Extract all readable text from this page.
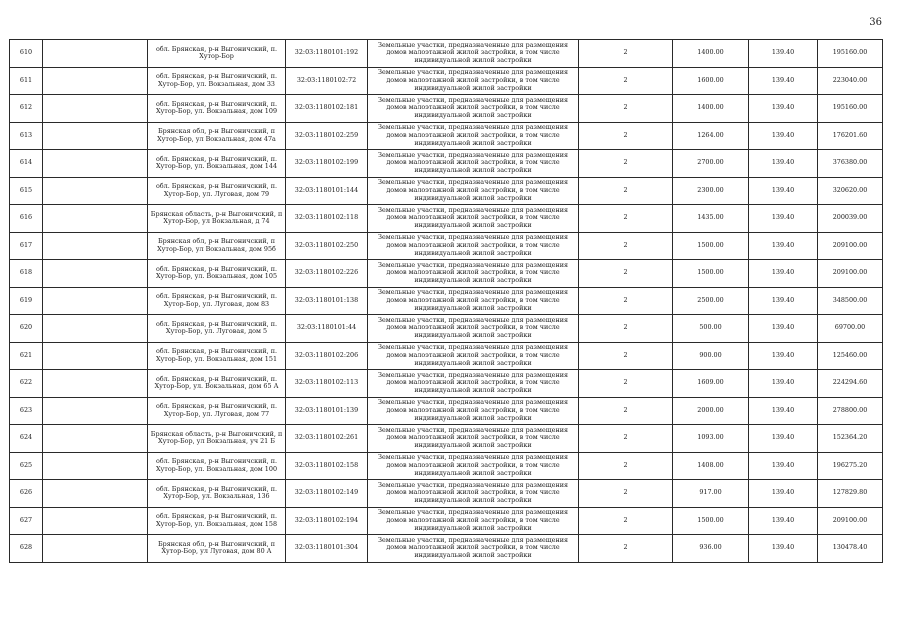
36
610		обл. Брянская, р-н Выгоничский, п. Хутор-Бор	32:03:1180101:192	Земельные участки, предназначенные для размещения домов малоэтажной жилой застройки, в том числе индивидуальной жилой застройки	2	1400.00	139.40	195160.00
611		обл. Брянская, р-н Выгоничский, п. Хутор-Бор, ул. Вокзальная, дом 33	32:03:1180102:72	Земельные участки, предназначенные для размещения домов малоэтажной жилой застройки, в том числе индивидуальной жилой застройки	2	1600.00	139.40	223040.00
612		обл. Брянская, р-н Выгоничский, п. Хутор-Бор, ул. Вокзальная, дом 109	32:03:1180102:181	Земельные участки, предназначенные для размещения домов малоэтажной жилой застройки, в том числе индивидуальной жилой застройки	2	1400.00	139.40	195160.00
613		Брянская обл, р-н Выгоничский, п Хутор-Бор, ул Вокзальная, дом 47а	32:03:1180102:259	Земельные участки, предназначенные для размещения домов малоэтажной жилой застройки, в том числе индивидуальной жилой застройки	2	1264.00	139.40	176201.60
614		обл. Брянская, р-н Выгоничский, п. Хутор-Бор, ул. Вокзальная, дом 144	32:03:1180102:199	Земельные участки, предназначенные для размещения домов малоэтажной жилой застройки, в том числе индивидуальной жилой застройки	2	2700.00	139.40	376380.00
615		обл. Брянская, р-н Выгоничский, п. Хутор-Бор, ул. Луговая, дом 79	32:03:1180101:144	Земельные участки, предназначенные для размещения домов малоэтажной жилой застройки, в том числе индивидуальной жилой застройки	2	2300.00	139.40	320620.00
616		Брянская область, р-н Выгоничский, п Хутор-Бор, ул Вокзальная, д 74	32:03:1180102:118	Земельные участки, предназначенные для размещения домов малоэтажной жилой застройки, в том числе индивидуальной жилой застройки	2	1435.00	139.40	200039.00
617		Брянская обл, р-н Выгоничский, п Хутор-Бор, ул Вокзальная, дом 95б	32:03:1180102:250	Земельные участки, предназначенные для размещения домов малоэтажной жилой застройки, в том числе индивидуальной жилой застройки	2	1500.00	139.40	209100.00
618		обл. Брянская, р-н Выгоничский, п. Хутор-Бор, ул. Вокзальная, дом 105	32:03:1180102:226	Земельные участки, предназначенные для размещения домов малоэтажной жилой застройки, в том числе индивидуальной жилой застройки	2	1500.00	139.40	209100.00
619		обл. Брянская, р-н Выгоничский, п. Хутор-Бор, ул. Луговая, дом 83	32:03:1180101:138	Земельные участки, предназначенные для размещения домов малоэтажной жилой застройки, в том числе индивидуальной жилой застройки	2	2500.00	139.40	348500.00
620		обл. Брянская, р-н Выгоничский, п. Хутор-Бор, ул. Луговая, дом 5	32:03:1180101:44	Земельные участки, предназначенные для размещения домов малоэтажной жилой застройки, в том числе индивидуальной жилой застройки	2	500.00	139.40	69700.00
621		обл. Брянская, р-н Выгоничский, п. Хутор-Бор, ул. Вокзальная, дом 151	32:03:1180102:206	Земельные участки, предназначенные для размещения домов малоэтажной жилой застройки, в том числе индивидуальной жилой застройки	2	900.00	139.40	125460.00
622		обл. Брянская, р-н Выгоничский, п. Хутор-Бор, ул. Вокзальная, дом 65 А	32:03:1180102:113	Земельные участки, предназначенные для размещения домов малоэтажной жилой застройки, в том числе индивидуальной жилой застройки	2	1609.00	139.40	224294.60
623		обл. Брянская, р-н Выгоничский, п. Хутор-Бор, ул. Луговая, дом 77	32:03:1180101:139	Земельные участки, предназначенные для размещения домов малоэтажной жилой застройки, в том числе индивидуальной жилой застройки	2	2000.00	139.40	278800.00
624		Брянская область, р-н Выгоничский, п Хутор-Бор, ул Вокзальная, уч 21 Б	32:03:1180102:261	Земельные участки, предназначенные для размещения домов малоэтажной жилой застройки, в том числе индивидуальной жилой застройки	2	1093.00	139.40	152364.20
625		обл. Брянская, р-н Выгоничский, п. Хутор-Бор, ул. Вокзальная, дом 100	32:03:1180102:158	Земельные участки, предназначенные для размещения домов малоэтажной жилой застройки, в том числе индивидуальной жилой застройки	2	1408.00	139.40	196275.20
626		обл. Брянская, р-н Выгоничский, п. Хутор-Бор, ул. Вокзальная, 136	32:03:1180102:149	Земельные участки, предназначенные для размещения домов малоэтажной жилой застройки, в том числе индивидуальной жилой застройки	2	917.00	139.40	127829.80
627		обл. Брянская, р-н Выгоничский, п. Хутор-Бор, ул. Вокзальная, дом 158	32:03:1180102:194	Земельные участки, предназначенные для размещения домов малоэтажной жилой застройки, в том числе индивидуальной жилой застройки	2	1500.00	139.40	209100.00
628		Брянская обл, р-н Выгоничский, п Хутор-Бор, ул Луговая, дом 80 А	32:03:1180101:304	Земельные участки, предназначенные для размещения домов малоэтажной жилой застройки, в том числе индивидуальной жилой застройки	2	936.00	139.40	130478.40
